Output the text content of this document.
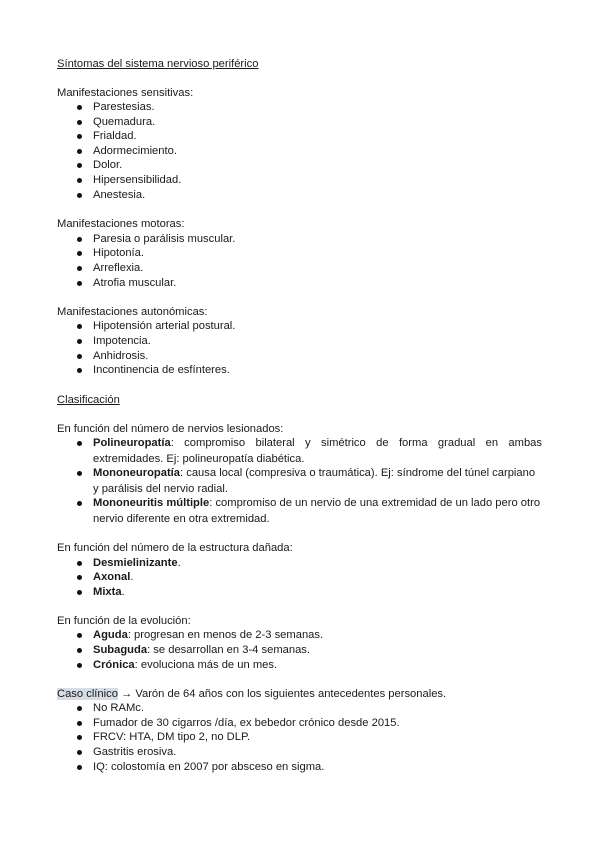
Síntomas del sistema nervioso periférico
Manifestaciones sensitivas:
Parestesias.
Quemadura.
Frialdad.
Adormecimiento.
Dolor.
Hipersensibilidad.
Anestesia.
Manifestaciones motoras:
Paresia o parálisis muscular.
Hipotonía.
Arreflexia.
Atrofia muscular.
Manifestaciones autonómicas:
Hipotensión arterial postural.
Impotencia.
Anhidrosis.
Incontinencia de esfínteres.
Clasificación
En función del número de nervios lesionados:
Polineuropatía: compromiso bilateral y simétrico de forma gradual en ambas extremidades. Ej: polineuropatía diabética.
Mononeuropatía: causa local (compresiva o traumática). Ej: síndrome del túnel carpiano y parálisis del nervio radial.
Mononeuritis múltiple: compromiso de un nervio de una extremidad de un lado pero otro nervio diferente en otra extremidad.
En función del número de la estructura dañada:
Desmielinizante.
Axonal.
Mixta.
En función de la evolución:
Aguda: progresan en menos de 2-3 semanas.
Subaguda: se desarrollan en 3-4 semanas.
Crónica: evoluciona más de un mes.
Caso clínico → Varón de 64 años con los siguientes antecedentes personales.
No RAMc.
Fumador de 30 cigarros /día, ex bebedor crónico desde 2015.
FRCV: HTA, DM tipo 2, no DLP.
Gastritis erosiva.
IQ: colostomía en 2007 por absceso en sigma.
